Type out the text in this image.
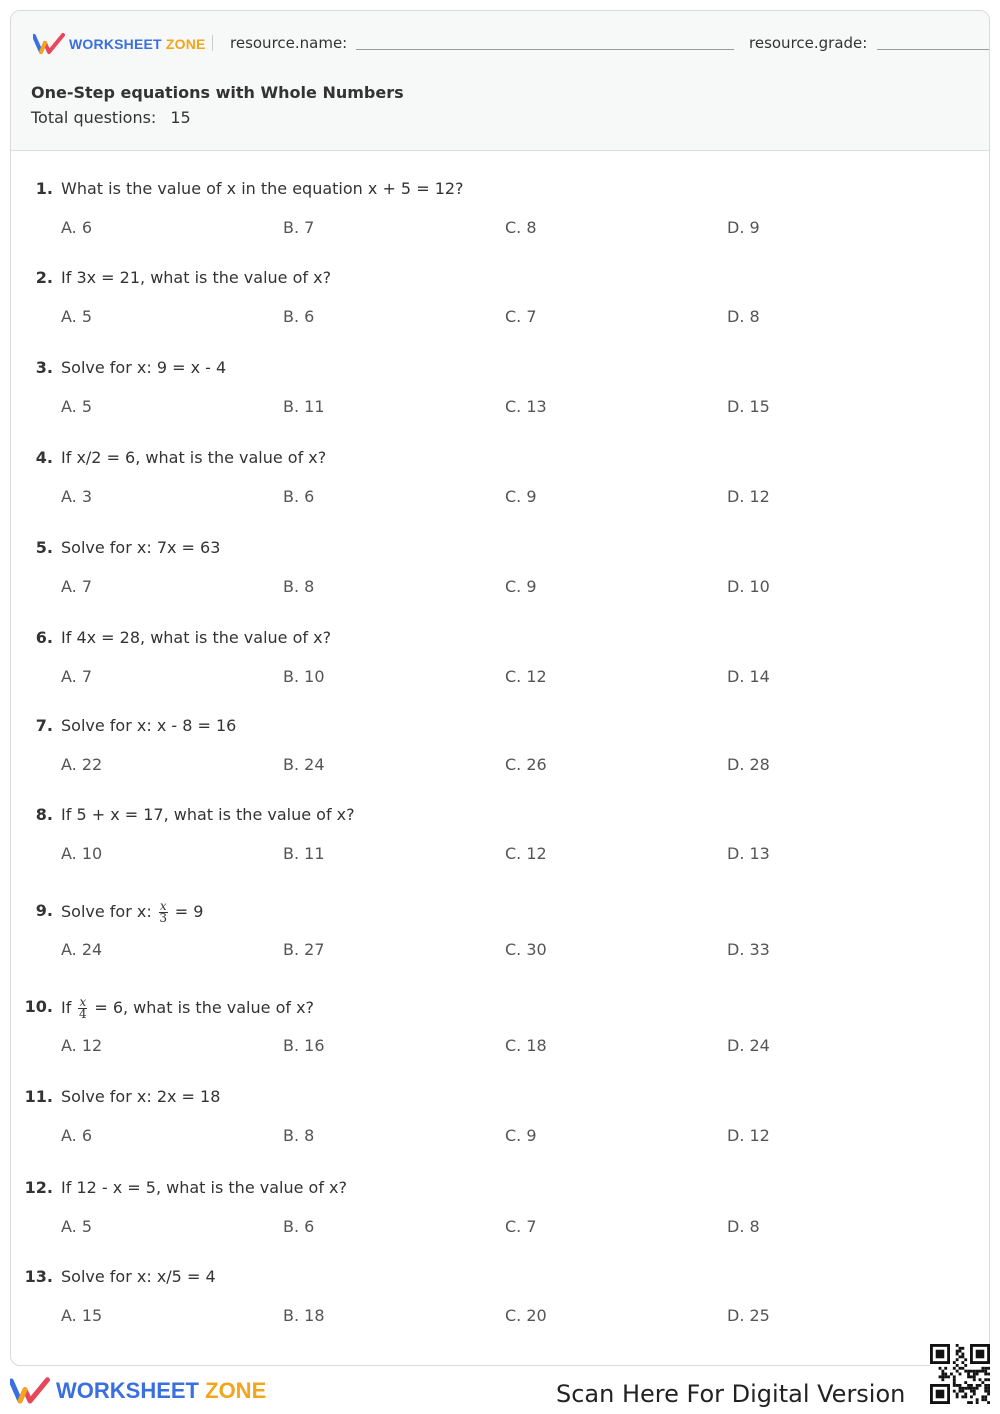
WORKSHEET ZONE resource.name:	resource.grade:
One-Step equations with Whole Numbers
Total questions: 15
1. What is the value of x in the equation x + 5 = 12?
A. 6	B. 7	C. 8	D. 9
2. If 3x = 21, what is the value of x?
A. 5	B. 6	C. 7	D. 8
3. Solve for x: 9 = x - 4
A. 5	B. 11	C. 13	D. 15
4. If x/2 = 6, what is the value of x?
A. 3	B. 6	C. 9	D. 12
5. Solve for x: 7x = 63
A. 7	B. 8	C. 9	D. 10
6. If 4x = 28, what is the value of x?
A. 7	B. 10	C. 12	D. 14
7. Solve for x: x - 8 = 16
A. 22	B. 24	C. 26	D. 28
8. If 5 + x = 17, what is the value of x?
A. 10	B. 11	C. 12	D. 13
9. Solve for x: $\frac{x}{3} = 9$
A. 24	B. 27	C. 30	D. 33
10. If $\frac{x}{4} = 6$, what is the value of x?
A. 12	B. 16	C. 18	D. 24
11. Solve for x: 2x = 18
A. 6	B. 8	C. 9	D. 12
12. If 12 - x = 5, what is the value of x?
A. 5	B. 6	C. 7	D. 8
13. Solve for x: x/5 = 4
A. 15	B. 18	C. 20	D. 25
WORKSHEET ZONE	Scan Here For Digital Version
